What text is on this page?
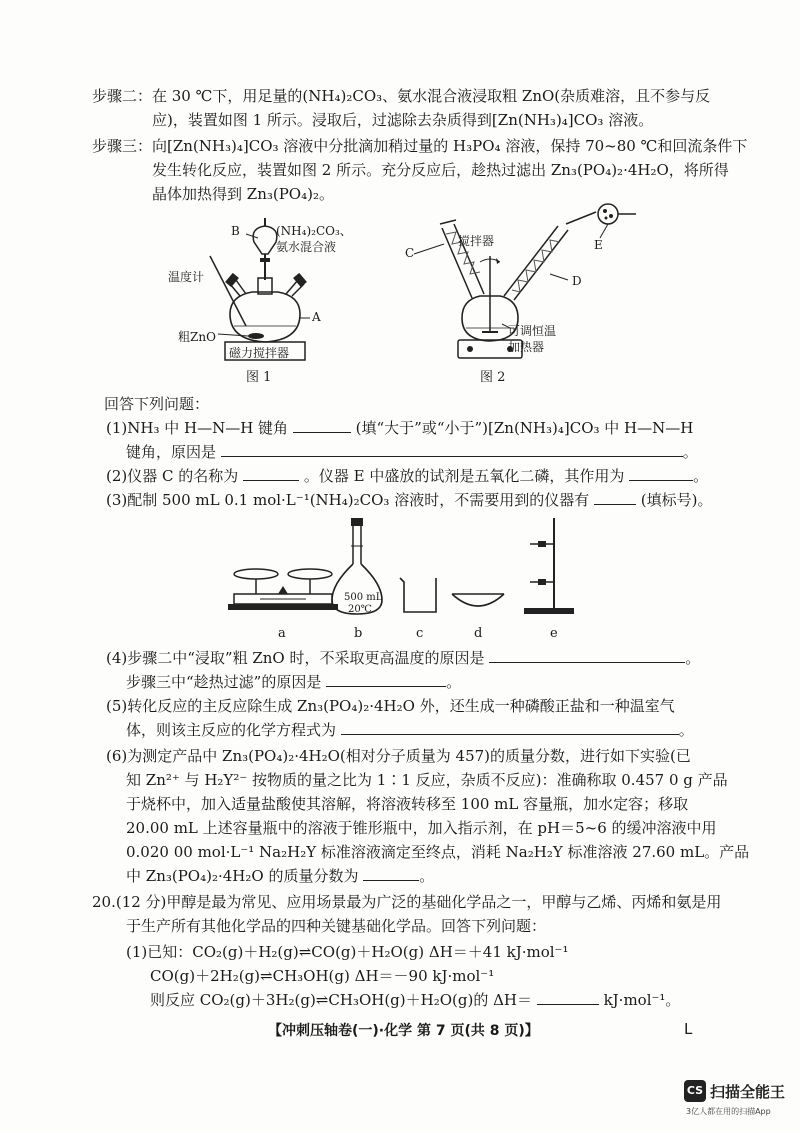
步骤二：在 30 ℃下，用足量的(NH₄)₂CO₃、氨水混合液浸取粗 ZnO(杂质难溶，且不参与反
应)，装置如图 1 所示。浸取后，过滤除去杂质得到[Zn(NH₃)₄]CO₃ 溶液。
步骤三：向[Zn(NH₃)₄]CO₃ 溶液中分批滴加稍过量的 H₃PO₄ 溶液，保持 70~80 ℃和回流条件下
发生转化反应，装置如图 2 所示。充分反应后，趁热过滤出 Zn₃(PO₄)₂·4H₂O，将所得
晶体加热得到 Zn₃(PO₄)₂。
B	(NH₄)₂CO₃、
氨水混合液
温度计
A
粗ZnO
磁力搅拌器
图 1
C
搅拌器
D
E
可调恒温
加热器
图 2
回答下列问题：
(1)NH₃ 中 H—N—H 键角	(填“大于”或“小于”)[Zn(NH₃)₄]CO₃ 中 H—N—H
键角，原因是	。
(2)仪器 C 的名称为	。仪器 E 中盛放的试剂是五氧化二磷，其作用为	。
(3)配制 500 mL 0.1 mol·L⁻¹(NH₄)₂CO₃ 溶液时，不需要用到的仪器有	(填标号)。
500 mL
20℃
a	b	c	d	e
(4)步骤二中“浸取”粗 ZnO 时，不采取更高温度的原因是	。
步骤三中“趁热过滤”的原因是	。
(5)转化反应的主反应除生成 Zn₃(PO₄)₂·4H₂O 外，还生成一种磷酸正盐和一种温室气
体，则该主反应的化学方程式为	。
(6)为测定产品中 Zn₃(PO₄)₂·4H₂O(相对分子质量为 457)的质量分数，进行如下实验(已
知 Zn²⁺ 与 H₂Y²⁻ 按物质的量之比为 1∶1 反应，杂质不反应)：准确称取 0.457 0 g 产品
于烧杯中，加入适量盐酸使其溶解，将溶液转移至 100 mL 容量瓶，加水定容；移取
20.00 mL 上述容量瓶中的溶液于锥形瓶中，加入指示剂，在 pH＝5~6 的缓冲溶液中用
0.020 00 mol·L⁻¹ Na₂H₂Y 标准溶液滴定至终点，消耗 Na₂H₂Y 标准溶液 27.60 mL。产品
中 Zn₃(PO₄)₂·4H₂O 的质量分数为	。
20.(12 分)甲醇是最为常见、应用场景最为广泛的基础化学品之一，甲醇与乙烯、丙烯和氨是用
于生产所有其他化学品的四种关键基础化学品。回答下列问题：
(1)已知：CO₂(g)＋H₂(g)⇌CO(g)＋H₂O(g) ΔH＝＋41 kJ·mol⁻¹
CO(g)＋2H₂(g)⇌CH₃OH(g) ΔH＝－90 kJ·mol⁻¹
则反应 CO₂(g)＋3H₂(g)⇌CH₃OH(g)＋H₂O(g)的 ΔH＝	kJ·mol⁻¹。
【冲刺压轴卷(一)·化学 第 7 页(共 8 页)】	L
CS 扫描全能王
3亿人都在用的扫描App
